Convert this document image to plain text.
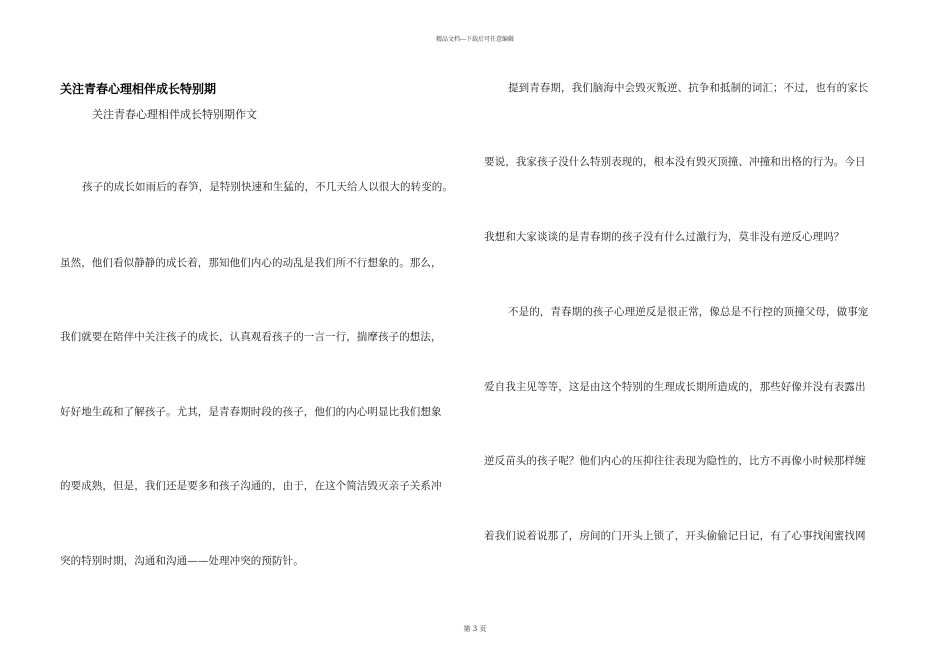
精品文档---下载后可任意编辑
关注青春心理相伴成长特别期
关注青春心理相伴成长特别期作文
孩子的成长如雨后的春笋，是特别快速和生猛的，不几天给人以很大的转变的。
虽然，他们看似静静的成长着，那知他们内心的动乱是我们所不行想象的。那么，
我们就要在陪伴中关注孩子的成长，认真观看孩子的一言一行，揣摩孩子的想法，
好好地生疏和了解孩子。尤其，是青春期时段的孩子，他们的内心明显比我们想象
的要成熟，但是，我们还是要多和孩子沟通的，由于，在这个简洁毁灭亲子关系冲
突的特别时期，沟通和沟通——处理冲突的预防针。
提到青春期，我们脑海中会毁灭叛逆、抗争和抵制的词汇；不过，也有的家长
要说，我家孩子没什么特别表现的，根本没有毁灭顶撞、冲撞和出格的行为。今日
我想和大家谈谈的是青春期的孩子没有什么过激行为，莫非没有逆反心理吗？
不是的，青春期的孩子心理逆反是很正常，像总是不行控的顶撞父母，做事宠
爱自我主见等等，这是由这个特别的生理成长期所造成的，那些好像并没有表露出
逆反苗头的孩子呢？他们内心的压抑往往表现为隐性的，比方不再像小时候那样缠
着我们说着说那了，房间的门开头上锁了，开头偷偷记日记，有了心事找闺蜜找网
第 3 页
